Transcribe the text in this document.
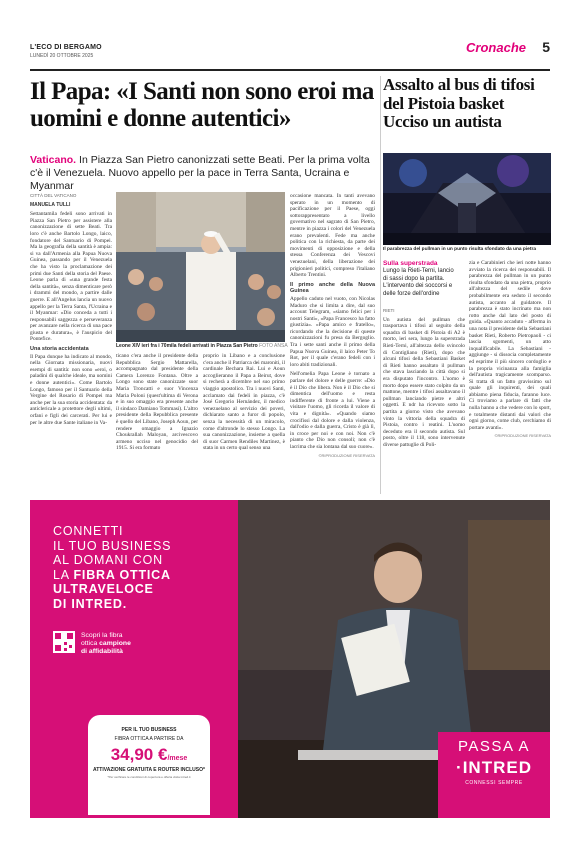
L'ECO DI BERGAMO
LUNEDÌ 20 OTTOBRE 2025
Cronache 5
Il Papa: «I Santi non sono eroi ma uomini e donne autentici»
Vaticano. In Piazza San Pietro canonizzati sette Beati. Per la prima volta c'è il Venezuela. Nuovo appello per la pace in Terra Santa, Ucraina e Myanmar
Assalto al bus di tifosi del Pistoia basket Ucciso un autista
CITTÀ DEL VATICANO
MANUELA TULLI
Settantamila fedeli sono arrivati in Piazza San Pietro per assistere alla canonizzazione di sette Beati. Tra loro c'è anche Bartolo Longo, laico, fondatore del Santuario di Pompei. Ma la geografia della santità è ampia: si va dall'Armenia alla Papua Nuova Guinea, passando per il Venezuela che ha visto la proclamazione dei primi due Santi della storia del Paese. Leone parla di «una grande festa della santità», senza dimenticare però i drammi del mondo, a partire dalle guerre. E all'Angelus lancia un nuovo appello per la Terra Santa, l'Ucraina e il Myanmar: «Dio conceda a tutti i responsabili saggezza e perseveranza per avanzare nella ricerca di una pace giusta e duratura», è l'auspicio del Pontefice.
Una storia accidentata
Il Papa dunque ha indicato al mondo, nella Giornata missionaria, nuovi esempi di santità: non sono «eroi, o paladini di qualche ideale, ma uomini e donne autentici». Come Bartolo Longo, famoso per il Santuario della Vergine del Rosario di Pompei ma anche per la sua storia accidentata: da anticlericale a protettore degli ultimi, orfani e figli dei carcerati. Per lui e per le altre due Sante italiane in Va-
Leone XIV ieri fra i 70mila fedeli arrivati in Piazza San Pietro FOTO ANSA
ticano c'era anche il presidente della Repubblica Sergio Mattarella, accompagnato dal presidente della Camera Lorenzo Fontana. Oltre a Longo sono state canonizzate suor Maria Troncatti e suor Vincenza Maria Poloni (quest'ultima di Verona e in suo omaggio era presente anche il sindaco Damiano Tommasi). L'altro presidente della Repubblica presente è quello del Libano, Joseph Aoun, per rendere omaggio a Ignazio Choukrallah Maloyan, arcivescovo armeno ucciso nel genocidio del 1915. Si era formato
proprio in Libano e a conclusione c'era anche il Patriarca dei maroniti, il cardinale Bechara Rai. Lui e Aoun accoglieranno il Papa a Beirut, dove si recherà a dicembre nel suo primo viaggio apostolico. Tra i nuovi Santi, acclamato dai fedeli in piazza, c'è José Gregorio Hernández, il medico venezuelano al servizio dei poveri, dichiarato santo a furor di popolo, senza la necessità di un miracolo, come d'altronde lo stesso Longo. La sua canonizzazione, insieme a quella di suor Carmen Rendiles Martinez, è stata in un certo qual senso una
occasione mancata. In tanti avevano sperato in un momento di pacificazione per il Paese, oggi sottorappresentato a livello governativo nel sagrato di San Pietro, mentre in piazza i colori del Venezuela erano prevalenti. Fede ma anche politica con la richiesta, da parte dei movimenti di opposizione e della stessa Conferenza dei Vescovi venezuelani, della liberazione dei prigionieri politici, compreso l'italiano Alberto Trentini.
Il primo anche della Nuova Guinea
Appello caduto nel vuoto, con Nicolas Maduro che si limita a dire, dal suo account Telegram, «siamo felici per i nostri Santi», «Papa Francesco ha fatto giustizia». «Papa amico e fratello», ricordando che la decisione di queste canonizzazioni fu presa da Bergoglio. Tra i sette santi anche il primo della Papua Nuova Guinea, il laico Peter To Rot, per il quale c'erano fedeli con i loro abiti tradizionali.
Nell'omelia Papa Leone è tornato a parlare del dolore e delle guerre: «Dio è il Dio che libera. Non è il Dio che si dimentica dell'uomo e resta indifferente di fronte a lui. Viene a visitare l'uomo, gli ricorda il valore di vita e dignità». «Quando siamo crocifissi dal dolore e dalla violenza, dall'odio e dalla guerra, Cristo è già lì, in croce per noi e con noi. Non c'è pianto che Dio non consoli; non c'è lacrima che sia lontana dal suo cuore».
©RIPRODUZIONE RISERVATA
Il parabrezza del pullman in un punto risulta sfondato da una pietra
Sulla superstrada
Lungo la Rieti-Terni, lancio di sassi dopo la partita. L'intervento dei soccorsi e delle forze dell'ordine
RIETI
Un autista del pullman che trasportava i tifosi al seguito della squadra di basket di Pistoia di A2 è morto, ieri sera, lungo la superstrada Rieti-Terni, all'altezza dello svincolo di Contigliano (Rieti), dopo che alcuni tifosi della Sebastiani Basket di Rieti hanno assaltato il pullman che stava lasciando la città dopo si era disputato l'incontro. L'uomo è morto dopo essere stato colpito da un mattone, mentre i tifosi assaltavano il pullman lanciando pietre e altri oggetti. E ndr ha ricevuto sotto la partita a giorno visto che avevano vinto la vittoria della squadra di Pistoia, contro i reatini. L'uomo deceduto era il secondo autista. Sul posto, oltre il 118, sono intervenute diverse pattuglie di Poli-
zia e Carabinieri che ieri notte hanno avviato la ricerca dei responsabili. Il parabrezza del pullman in un punto risulta sfondato da una pietra, proprio all'altezza del sedile dove probabilmente era seduto il secondo autista, accanto al guidatore. Il parabrezza è stato incrinato ma non rotto anche dal lato del posto di guida. «Quanto accaduto - afferma in una nota il presidente della Sebastiani basket Rieti, Roberto Pietropaoli - ci lascia sgomenti, un atto inqualificabile. La Sebastiani - aggiunge - si dissocia completamente ed esprime il più sincero cordoglio e la propria vicinanza alla famiglia dell'autista tragicamente scomparso. Si tratta di un fatto gravissimo sul quale gli inquirenti, dei quali abbiamo piena fiducia, faranno luce. Ci troviamo a parlare di fatti che nulla hanno a che vedere con lo sport, e totalmente distanti dai valori che ogni giorno, come club, cerchiamo di portare avanti».
©RIPRODUZIONE RISERVATA
CONNETTI
IL TUO BUSINESS
AL DOMANI CON
LA FIBRA OTTICA
ULTRAVELOCE
DI INTRED.
Scopri la fibra
ottica campione
di affidabilità
PER IL TUO BUSINESS
FIBRA OTTICA A PARTIRE DA
34,90 €/mese
ATTIVAZIONE GRATUITA E ROUTER INCLUSO*
*Per verificare le condizioni di copertura e offerta visita intred.it
PASSA A
·INTRED
CONNESSI SEMPRE
